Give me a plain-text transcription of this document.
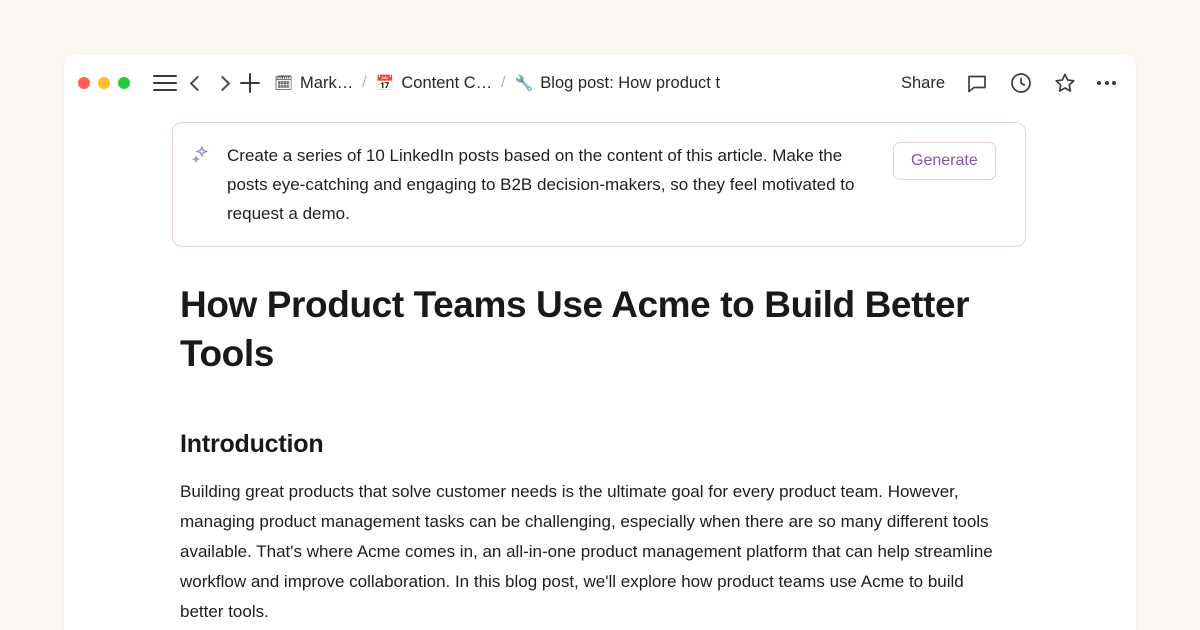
🗓 Mark… / 📅 Content C… / 🔧 Blog post: How product t	Share
Create a series of 10 LinkedIn posts based on the content of this article. Make the posts eye-catching and engaging to B2B decision-makers, so they feel motivated to request a demo.
Generate
How Product Teams Use Acme to Build Better Tools
Introduction

Building great products that solve customer needs is the ultimate goal for every product team. However, managing product management tasks can be challenging, especially when there are so many different tools available. That's where Acme comes in, an all-in-one product management platform that can help streamline workflow and improve collaboration. In this blog post, we'll explore how product teams use Acme to build better tools.
